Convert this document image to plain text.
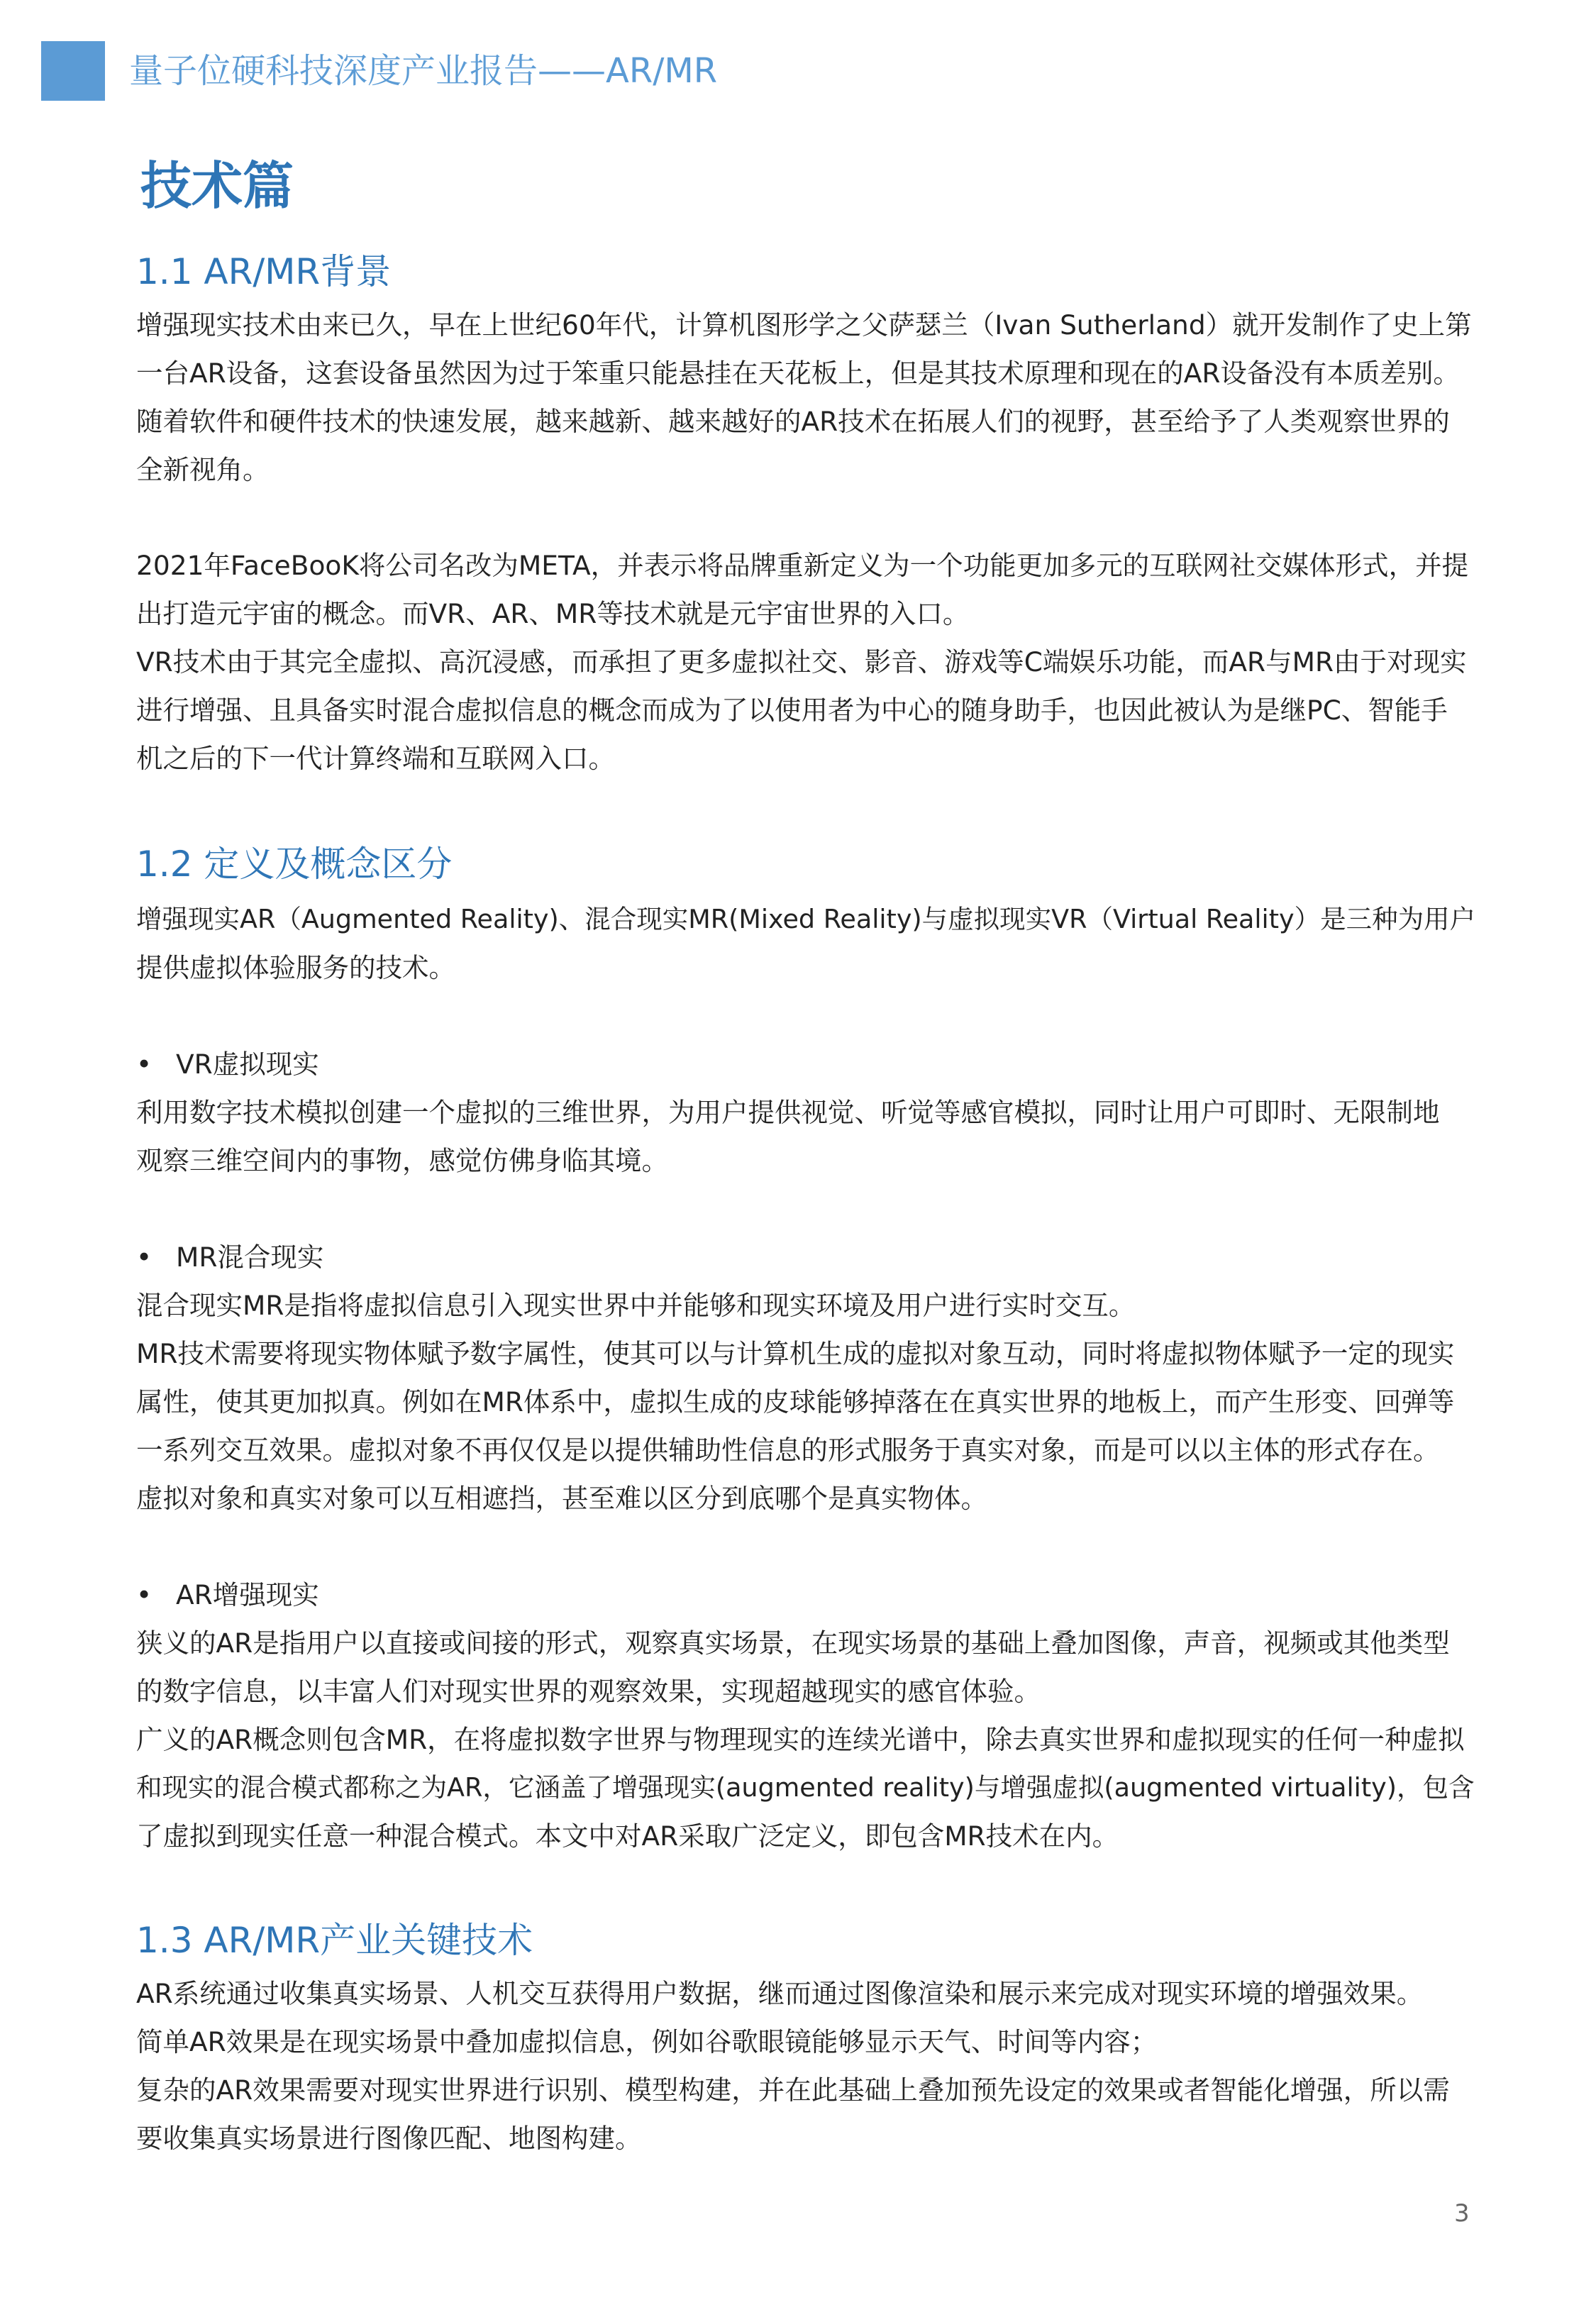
量子位硬科技深度产业报告——AR/MR
技术篇
1.1 AR/MR背景
增强现实技术由来已久，早在上世纪60年代，计算机图形学之父萨瑟兰（Ivan Sutherland）就开发制作了史上第
一台AR设备，这套设备虽然因为过于笨重只能悬挂在天花板上，但是其技术原理和现在的AR设备没有本质差别。
随着软件和硬件技术的快速发展，越来越新、越来越好的AR技术在拓展人们的视野，甚至给予了人类观察世界的
全新视角。
2021年FaceBooK将公司名改为META，并表示将品牌重新定义为一个功能更加多元的互联网社交媒体形式，并提
出打造元宇宙的概念。而VR、AR、MR等技术就是元宇宙世界的入口。
VR技术由于其完全虚拟、高沉浸感，而承担了更多虚拟社交、影音、游戏等C端娱乐功能，而AR与MR由于对现实
进行增强、且具备实时混合虚拟信息的概念而成为了以使用者为中心的随身助手，也因此被认为是继PC、智能手
机之后的下一代计算终端和互联网入口。
1.2 定义及概念区分
增强现实AR（Augmented Reality)、混合现实MR(Mixed Reality)与虚拟现实VR（Virtual Reality）是三种为用户
提供虚拟体验服务的技术。
• VR虚拟现实
利用数字技术模拟创建一个虚拟的三维世界，为用户提供视觉、听觉等感官模拟，同时让用户可即时、无限制地
观察三维空间内的事物，感觉仿佛身临其境。
• MR混合现实
混合现实MR是指将虚拟信息引入现实世界中并能够和现实环境及用户进行实时交互。
MR技术需要将现实物体赋予数字属性，使其可以与计算机生成的虚拟对象互动，同时将虚拟物体赋予一定的现实
属性，使其更加拟真。例如在MR体系中，虚拟生成的皮球能够掉落在在真实世界的地板上，而产生形变、回弹等
一系列交互效果。虚拟对象不再仅仅是以提供辅助性信息的形式服务于真实对象，而是可以以主体的形式存在。
虚拟对象和真实对象可以互相遮挡，甚至难以区分到底哪个是真实物体。
• AR增强现实
狭义的AR是指用户以直接或间接的形式，观察真实场景，在现实场景的基础上叠加图像，声音，视频或其他类型
的数字信息，以丰富人们对现实世界的观察效果，实现超越现实的感官体验。
广义的AR概念则包含MR，在将虚拟数字世界与物理现实的连续光谱中，除去真实世界和虚拟现实的任何一种虚拟
和现实的混合模式都称之为AR，它涵盖了增强现实(augmented reality)与增强虚拟(augmented virtuality)，包含
了虚拟到现实任意一种混合模式。本文中对AR采取广泛定义，即包含MR技术在内。
1.3 AR/MR产业关键技术
AR系统通过收集真实场景、人机交互获得用户数据，继而通过图像渲染和展示来完成对现实环境的增强效果。
简单AR效果是在现实场景中叠加虚拟信息，例如谷歌眼镜能够显示天气、时间等内容；
复杂的AR效果需要对现实世界进行识别、模型构建，并在此基础上叠加预先设定的效果或者智能化增强，所以需
要收集真实场景进行图像匹配、地图构建。
3
